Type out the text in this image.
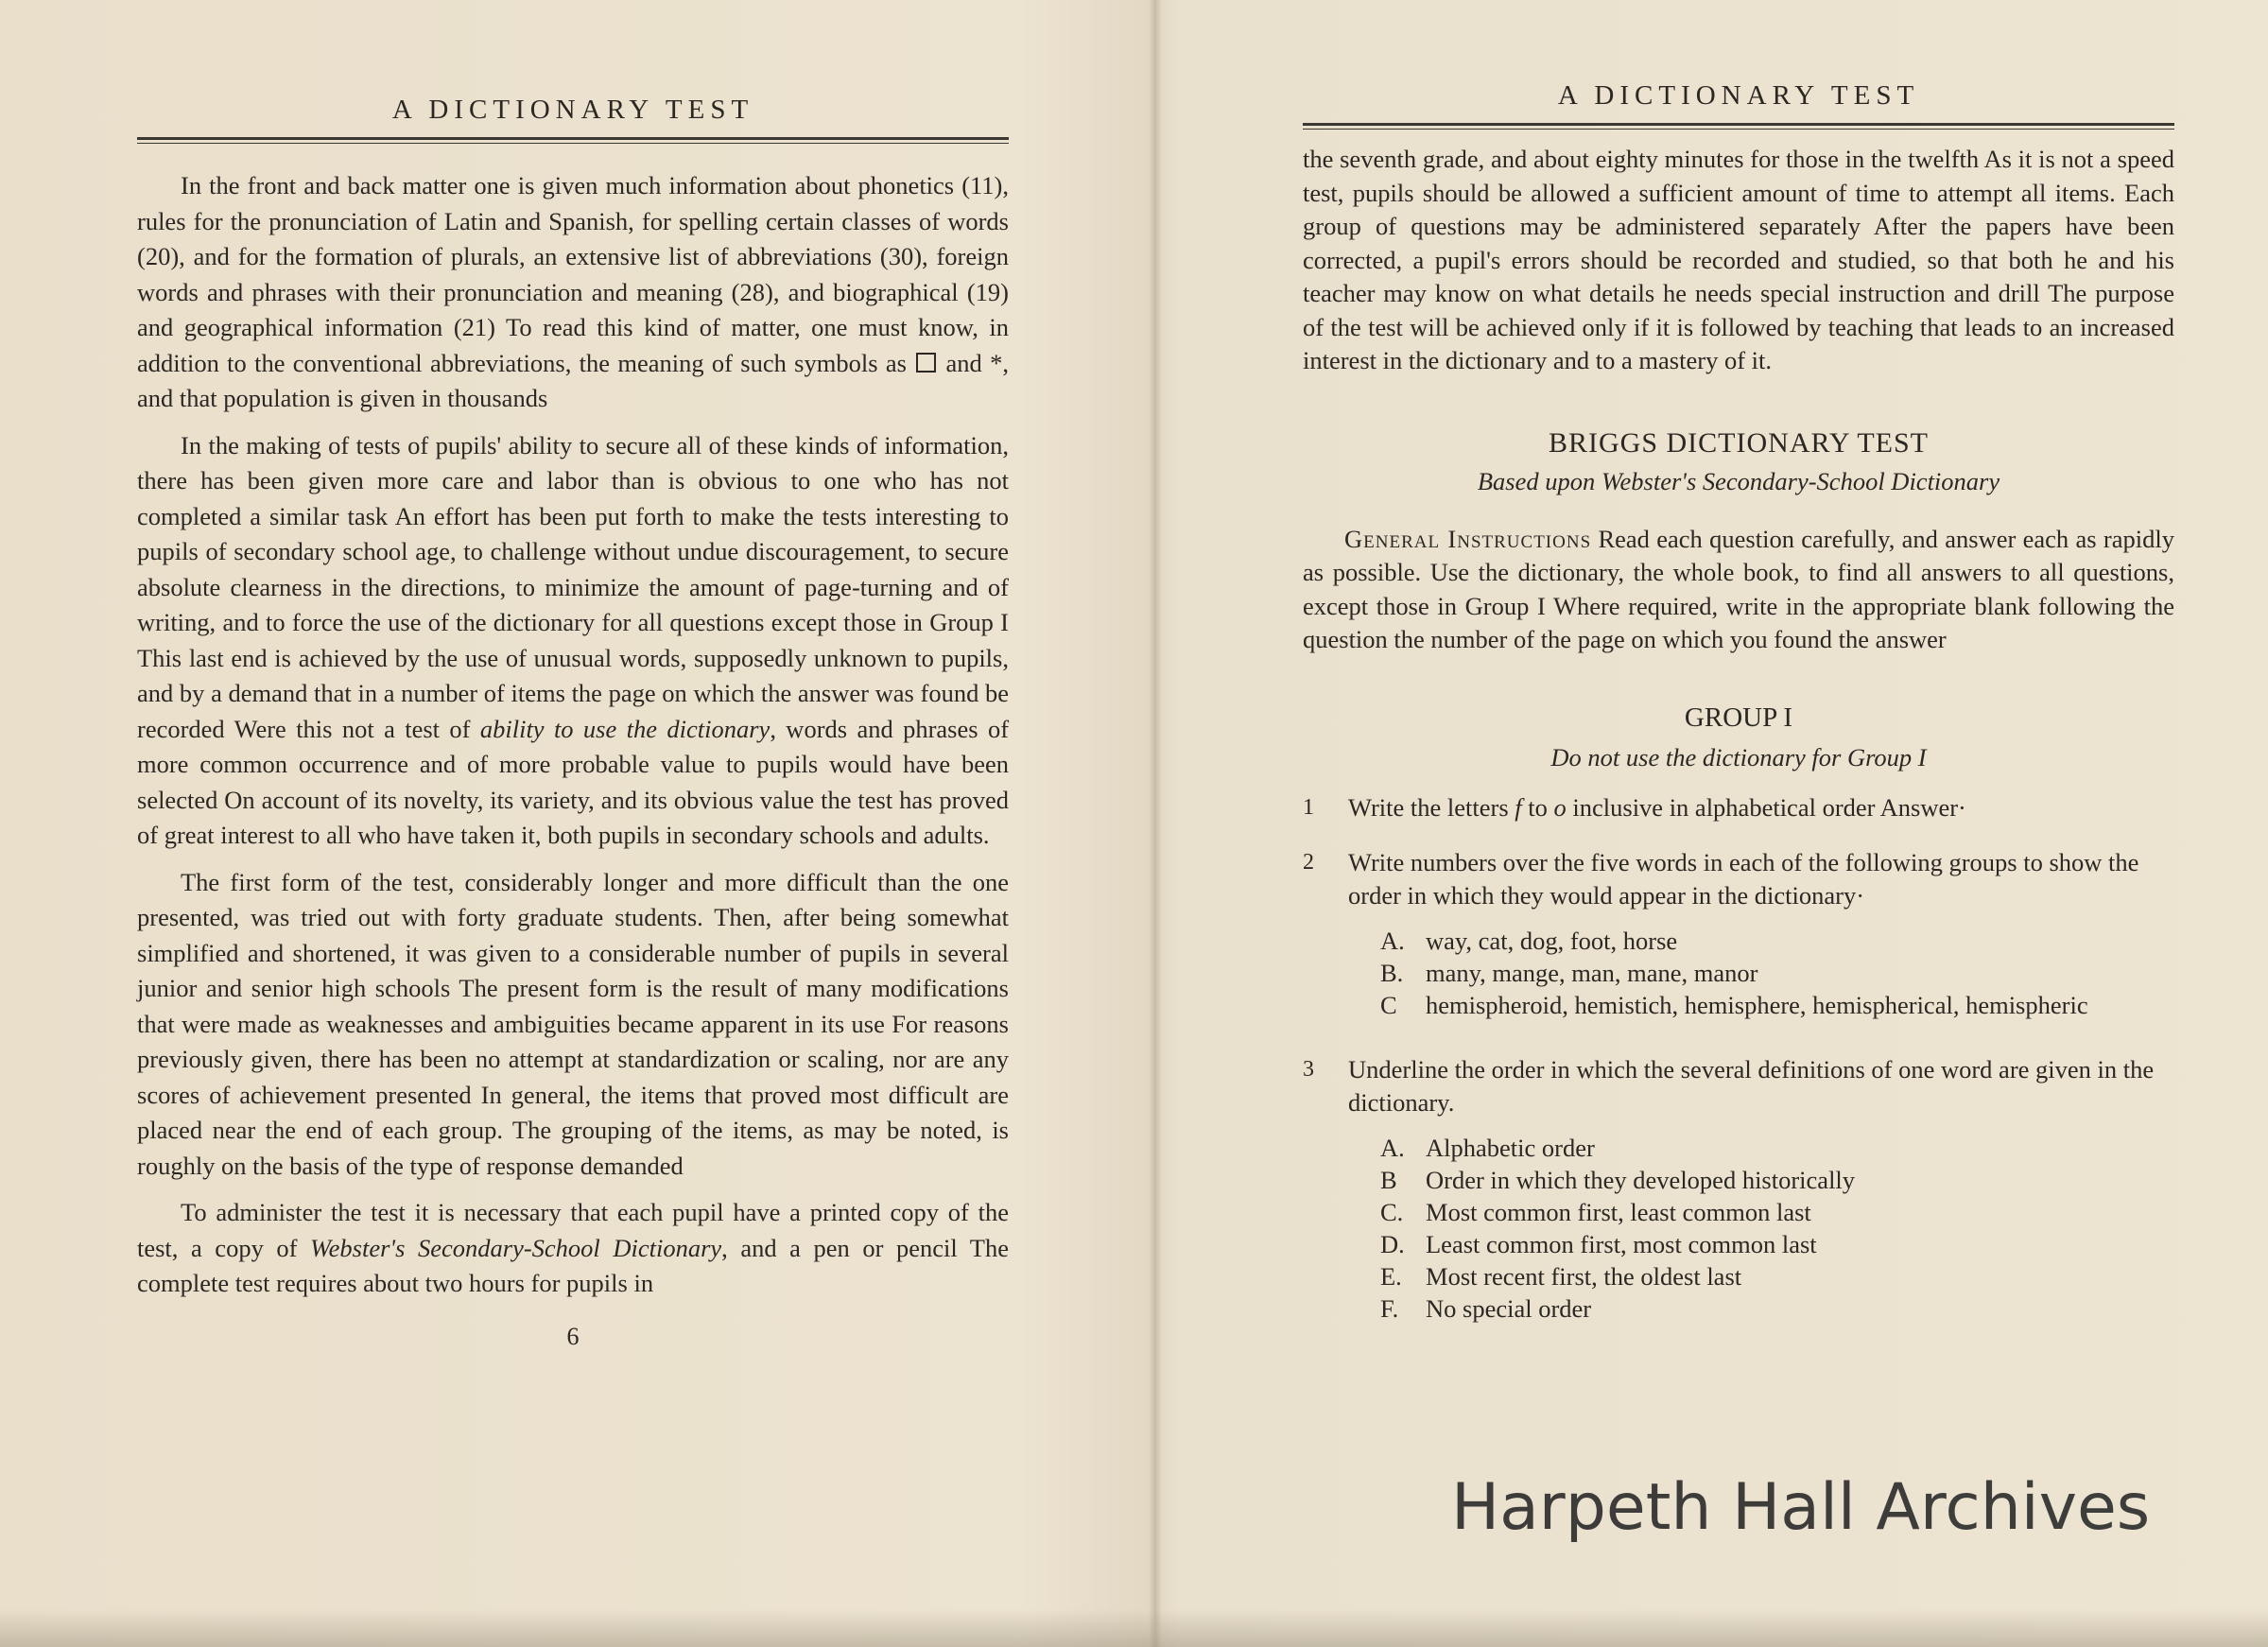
A DICTIONARY TEST

In the front and back matter one is given much information about phonetics (11), rules for the pronunciation of Latin and Spanish, for spelling certain classes of words (20), and for the formation of plurals, an extensive list of abbreviations (30), foreign words and phrases with their pronunciation and meaning (28), and biographical (19) and geographical information (21) To read this kind of matter, one must know, in addition to the conventional abbreviations, the meaning of such symbols as and *, and that population is given in thousands

In the making of tests of pupils' ability to secure all of these kinds of information, there has been given more care and labor than is obvious to one who has not completed a similar task An effort has been put forth to make the tests interesting to pupils of secondary school age, to challenge without undue discouragement, to secure absolute clearness in the directions, to minimize the amount of page-turning and of writing, and to force the use of the dictionary for all questions except those in Group I This last end is achieved by the use of unusual words, supposedly unknown to pupils, and by a demand that in a number of items the page on which the answer was found be recorded Were this not a test of ability to use the dictionary, words and phrases of more common occurrence and of more probable value to pupils would have been selected On account of its novelty, its variety, and its obvious value the test has proved of great interest to all who have taken it, both pupils in secondary schools and adults.

The first form of the test, considerably longer and more difficult than the one presented, was tried out with forty graduate students. Then, after being somewhat simplified and shortened, it was given to a considerable number of pupils in several junior and senior high schools The present form is the result of many modifications that were made as weaknesses and ambiguities became apparent in its use For reasons previously given, there has been no attempt at standardization or scaling, nor are any scores of achievement presented In general, the items that proved most difficult are placed near the end of each group. The grouping of the items, as may be noted, is roughly on the basis of the type of response demanded

To administer the test it is necessary that each pupil have a printed copy of the test, a copy of Webster's Secondary-School Dictionary, and a pen or pencil The complete test requires about two hours for pupils in

6
A DICTIONARY TEST

the seventh grade, and about eighty minutes for those in the twelfth As it is not a speed test, pupils should be allowed a sufficient amount of time to attempt all items. Each group of questions may be administered separately After the papers have been corrected, a pupil's errors should be recorded and studied, so that both he and his teacher may know on what details he needs special instruction and drill The purpose of the test will be achieved only if it is followed by teaching that leads to an increased interest in the dictionary and to a mastery of it.

BRIGGS DICTIONARY TEST
Based upon Webster's Secondary-School Dictionary

General Instructions Read each question carefully, and answer each as rapidly as possible. Use the dictionary, the whole book, to find all answers to all questions, except those in Group I Where required, write in the appropriate blank following the question the number of the page on which you found the answer

GROUP I
Do not use the dictionary for Group I
1 Write the letters f to o inclusive in alphabetical order Answer·
2 Write numbers over the five words in each of the following groups to show the order in which they would appear in the dictionary·
A. way, cat, dog, foot, horse
B. many, mange, man, mane, manor
C hemispheroid, hemistich, hemisphere, hemispherical, hemispheric
3 Underline the order in which the several definitions of one word are given in the dictionary.
A. Alphabetic order
B Order in which they developed historically
C. Most common first, least common last
D. Least common first, most common last
E. Most recent first, the oldest last
F. No special order
Harpeth Hall Archives
